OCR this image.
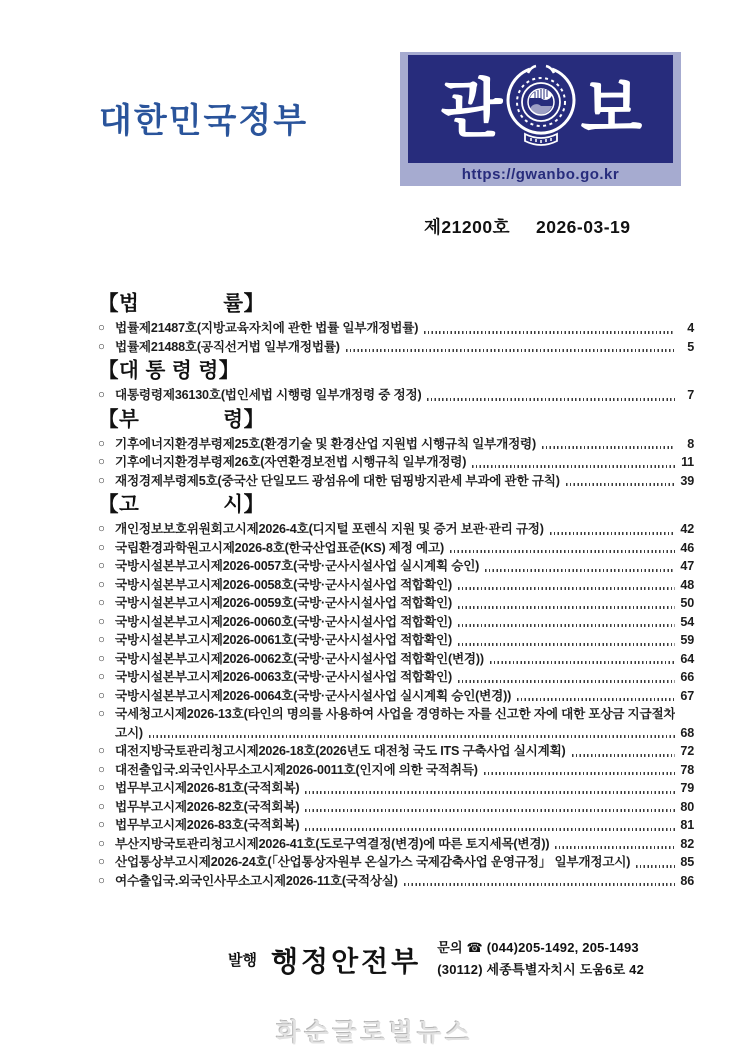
대한민국정부 관 보
https://gwanbo.go.kr
제21200호 2026-03-19
【법　　　　률】
○ 법률제21487호(지방교육자치에 관한 법률 일부개정법률)	4
○ 법률제21488호(공직선거법 일부개정법률)	5
【대 통 령 령】
○ 대통령령제36130호(법인세법 시행령 일부개정령 중 정정)	7
【부　　　　령】
○ 기후에너지환경부령제25호(환경기술 및 환경산업 지원법 시행규칙 일부개정령)	8
○ 기후에너지환경부령제26호(자연환경보전법 시행규칙 일부개정령)	11
○ 재정경제부령제5호(중국산 단일모드 광섬유에 대한 덤핑방지관세 부과에 관한 규칙)	39
【고　　　　시】
○ 개인정보보호위원회고시제2026-4호(디지털 포렌식 지원 및 증거 보관·관리 규정)	42
○ 국립환경과학원고시제2026-8호(한국산업표준(KS) 제정 예고)	46
○ 국방시설본부고시제2026-0057호(국방·군사시설사업 실시계획 승인)	47
○ 국방시설본부고시제2026-0058호(국방·군사시설사업 적합확인)	48
○ 국방시설본부고시제2026-0059호(국방·군사시설사업 적합확인)	50
○ 국방시설본부고시제2026-0060호(국방·군사시설사업 적합확인)	54
○ 국방시설본부고시제2026-0061호(국방·군사시설사업 적합확인)	59
○ 국방시설본부고시제2026-0062호(국방·군사시설사업 적합확인(변경))	64
○ 국방시설본부고시제2026-0063호(국방·군사시설사업 적합확인)	66
○ 국방시설본부고시제2026-0064호(국방·군사시설사업 실시계획 승인(변경))	67
○ 국세청고시제2026-13호(타인의 명의를 사용하여 사업을 경영하는 자를 신고한 자에 대한 포상금 지급절차
고시)	68
○ 대전지방국토관리청고시제2026-18호(2026년도 대전청 국도 ITS 구축사업 실시계획)	72
○ 대전출입국.외국인사무소고시제2026-0011호(인지에 의한 국적취득)	78
○ 법무부고시제2026-81호(국적회복)	79
○ 법무부고시제2026-82호(국적회복)	80
○ 법무부고시제2026-83호(국적회복)	81
○ 부산지방국토관리청고시제2026-41호(도로구역결정(변경)에 따른 토지세목(변경))	82
○ 산업통상부고시제2026-24호(「산업통상자원부 온실가스 국제감축사업 운영규정」 일부개정고시)	85
○ 여수출입국.외국인사무소고시제2026-11호(국적상실)	86
발행 행정안전부 문의 ☎ (044)205-1492, 205-1493
(30112) 세종특별자치시 도움6로 42
화순글로벌뉴스
